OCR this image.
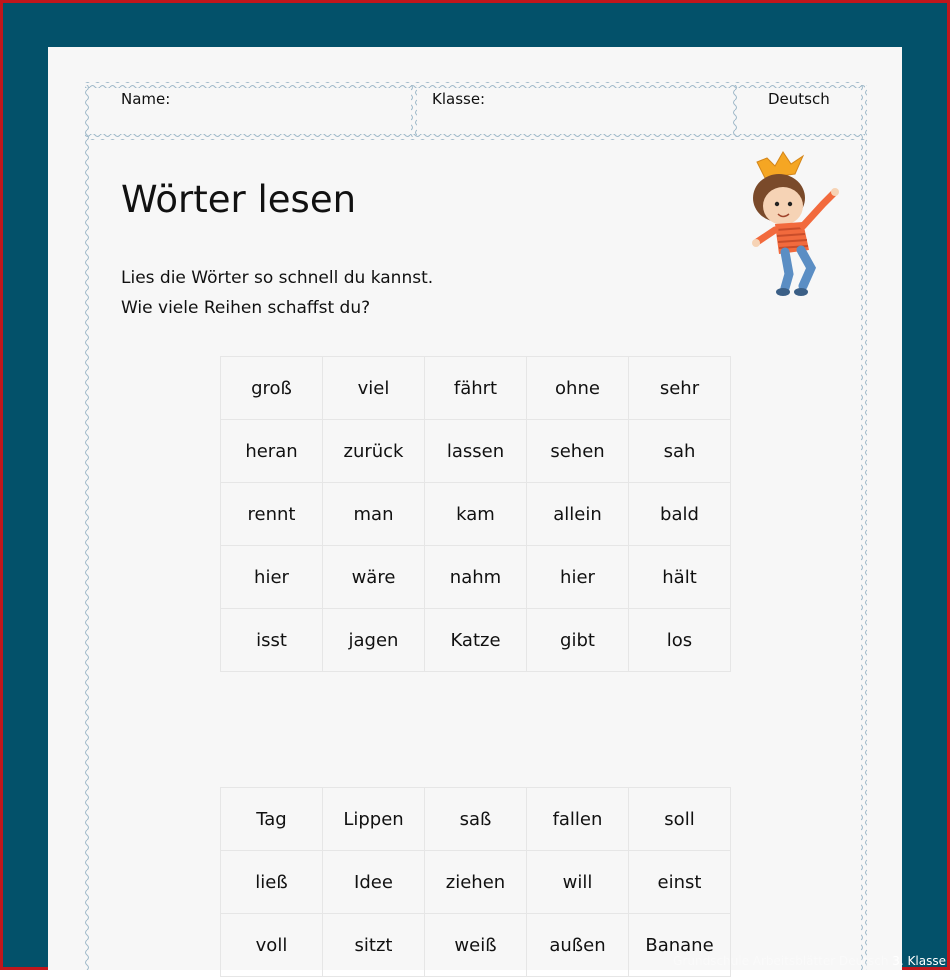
Name:	Klasse:	Deutsch
Wörter lesen
Lies die Wörter so schnell du kannst.
Wie viele Reihen schaffst du?
groß	viel	fährt	ohne	sehr
heran	zurück	lassen	sehen	sah
rennt	man	kam	allein	bald
hier	wäre	nahm	hier	hält
isst	jagen	Katze	gibt	los
Tag	Lippen	saß	fallen	soll
ließ	Idee	ziehen	will	einst
voll	sitzt	weiß	außen	Banane
Grundschule Arbeitsblätter Deutsch 3. Klasse
